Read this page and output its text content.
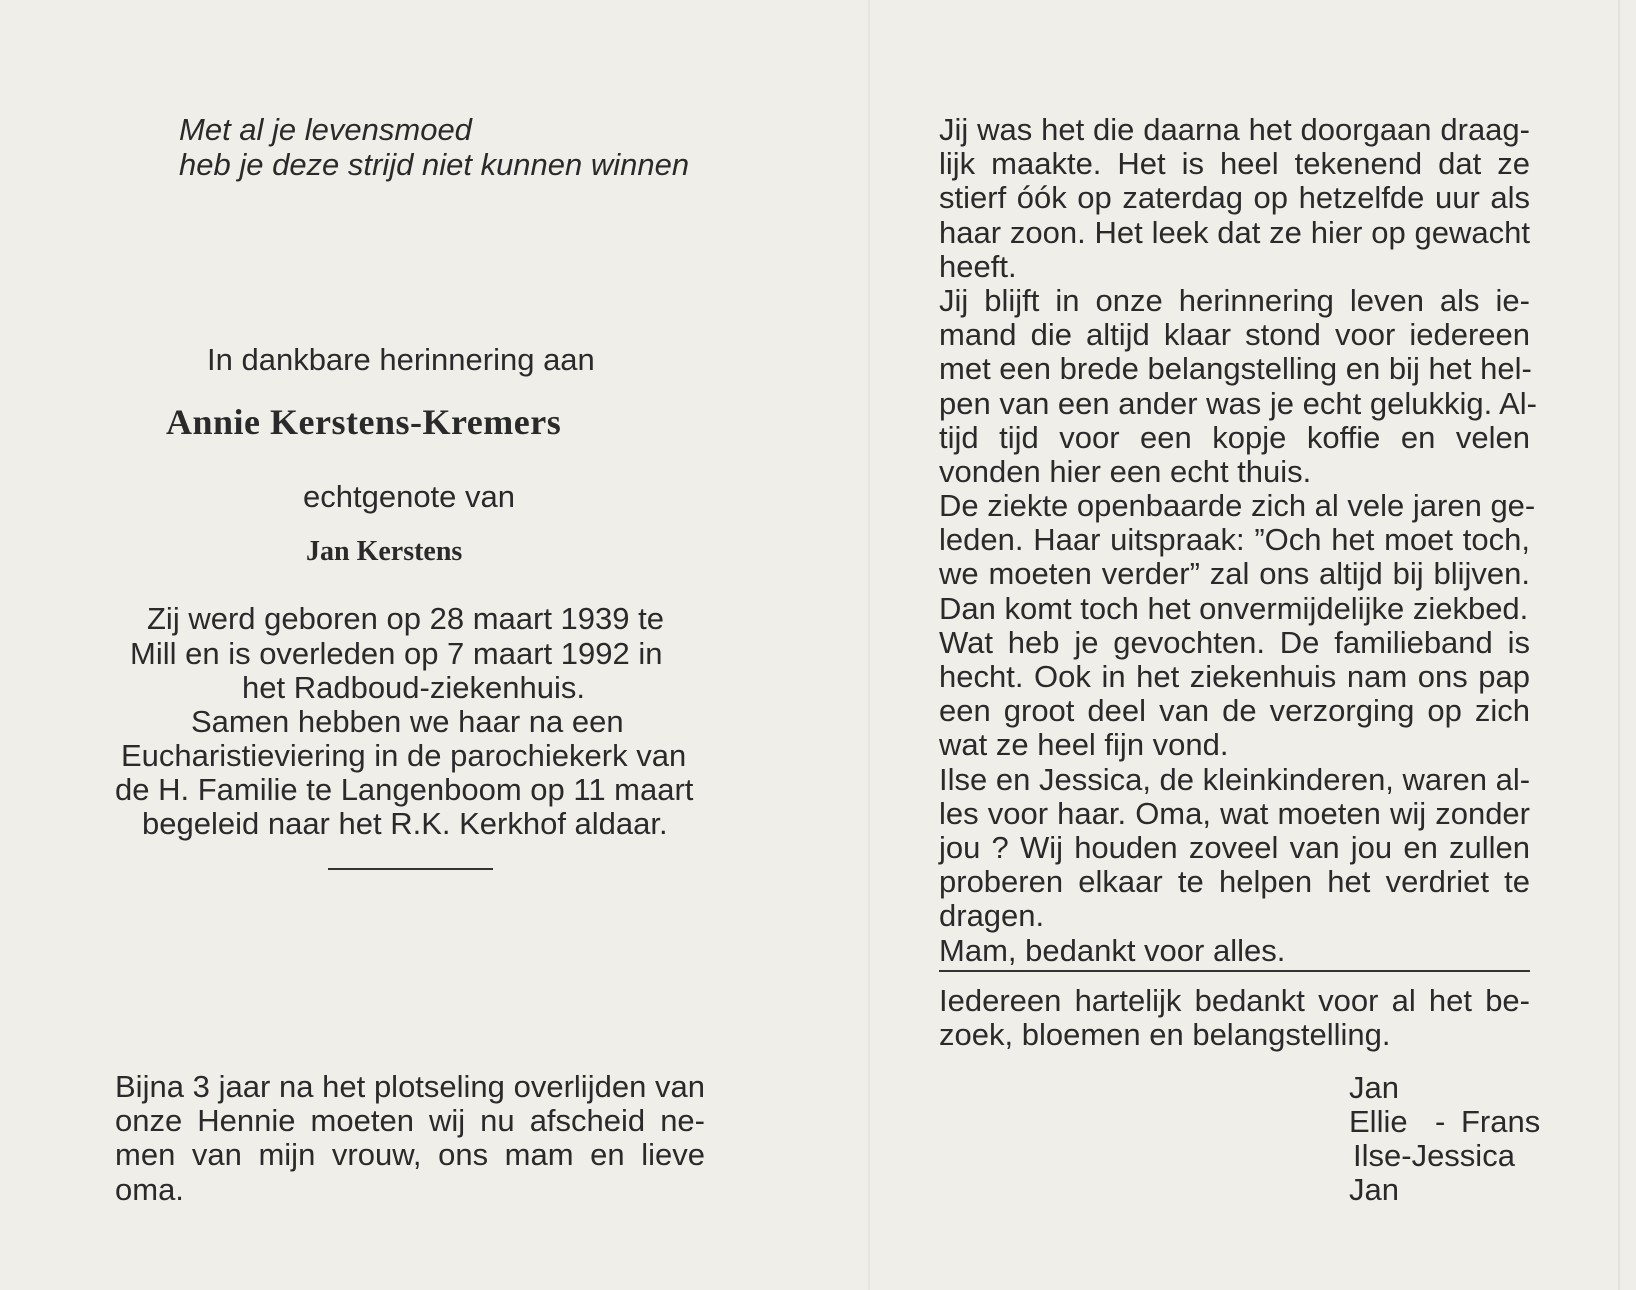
Met al je levensmoed
heb je deze strijd niet kunnen winnen
In dankbare herinnering aan
Annie Kerstens-Kremers
echtgenote van
Jan Kerstens
Zij werd geboren op 28 maart 1939 te
Mill en is overleden op 7 maart 1992 in
het Radboud-ziekenhuis.
Samen hebben we haar na een
Eucharistieviering in de parochiekerk van
de H. Familie te Langenboom op 11 maart
begeleid naar het R.K. Kerkhof aldaar.
Bijna 3 jaar na het plotseling overlijden van
onze Hennie moeten wij nu afscheid ne-
men van mijn vrouw, ons mam en lieve
oma.
Jij was het die daarna het doorgaan draag-
lijk maakte. Het is heel tekenend dat ze
stierf óók op zaterdag op hetzelfde uur als
haar zoon. Het leek dat ze hier op gewacht
heeft.
Jij blijft in onze herinnering leven als ie-
mand die altijd klaar stond voor iedereen
met een brede belangstelling en bij het hel-
pen van een ander was je echt gelukkig. Al-
tijd tijd voor een kopje koffie en velen
vonden hier een echt thuis.
De ziekte openbaarde zich al vele jaren ge-
leden. Haar uitspraak: ”Och het moet toch,
we moeten verder” zal ons altijd bij blijven.
Dan komt toch het onvermijdelijke ziekbed.
Wat heb je gevochten. De familieband is
hecht. Ook in het ziekenhuis nam ons pap
een groot deel van de verzorging op zich
wat ze heel fijn vond.
Ilse en Jessica, de kleinkinderen, waren al-
les voor haar. Oma, wat moeten wij zonder
jou ? Wij houden zoveel van jou en zullen
proberen elkaar te helpen het verdriet te
dragen.
Mam, bedankt voor alles.
Iedereen hartelijk bedankt voor al het be-
zoek, bloemen en belangstelling.
Jan
Ellie - Frans
Ilse-Jessica
Jan
